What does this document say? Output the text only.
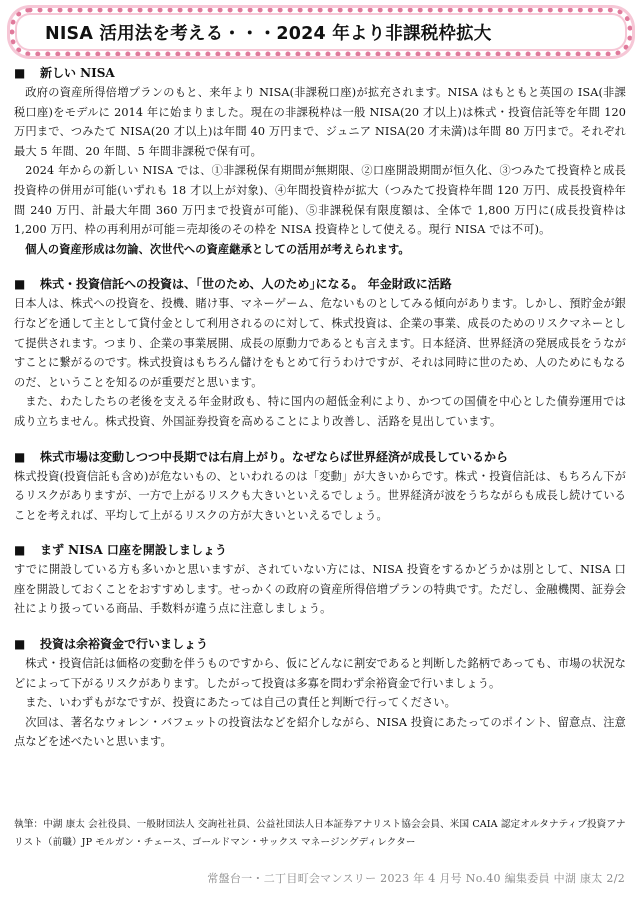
NISA 活用法を考える・・・2024 年より非課税枠拡大
■ 新しい NISA

政府の資産所得倍増プランのもと、来年より NISA(非課税口座)が拡充されます。NISA はもともと英国の ISA(非課税口座)をモデルに 2014 年に始まりました。現在の非課税枠は一般 NISA(20 才以上)は株式・投資信託等を年間 120 万円まで、つみたて NISA(20 才以上)は年間 40 万円まで、ジュニア NISA(20 才未満)は年間 80 万円まで。それぞれ最大 5 年間、20 年間、5 年間非課税で保有可。

2024 年からの新しい NISA では、①非課税保有期間が無期限、②口座開設期間が恒久化、③つみたて投資枠と成長投資枠の併用が可能(いずれも 18 才以上が対象)、④年間投資枠が拡大（つみたて投資枠年間 120 万円、成長投資枠年間 240 万円、計最大年間 360 万円まで投資が可能)、⑤非課税保有限度額は、全体で 1,800 万円に(成長投資枠は 1,200 万円、枠の再利用が可能＝売却後のその枠を NISA 投資枠として使える。現行 NISA では不可)。

個人の資産形成は勿論、次世代への資産継承としての活用が考えられます。

■ 株式・投資信託への投資は、｢世のため、人のため｣になる。 年金財政に活路

日本人は、株式への投資を、投機、賭け事、マネーゲーム、危ないものとしてみる傾向があります。しかし、預貯金が銀行などを通して主として貸付金として利用されるのに対して、株式投資は、企業の事業、成長のためのリスクマネーとして提供されます。つまり、企業の事業展開、成長の原動力であるとも言えます。日本経済、世界経済の発展成長をうながすことに繋がるのです。株式投資はもちろん儲けをもとめて行うわけですが、それは同時に世のため、人のためにもなるのだ、ということを知るのが重要だと思います。

また、わたしたちの老後を支える年金財政も、特に国内の超低金利により、かつての国債を中心とした債券運用では成り立ちません。株式投資、外国証券投資を高めることにより改善し、活路を見出しています。

■ 株式市場は変動しつつ中長期では右肩上がり。なぜならば世界経済が成長しているから

株式投資(投資信託も含め)が危ないもの、といわれるのは「変動」が大きいからです。株式・投資信託は、もちろん下がるリスクがありますが、一方で上がるリスクも大きいといえるでしょう。世界経済が波をうちながらも成長し続けていることを考えれば、平均して上がるリスクの方が大きいといえるでしょう。

■ まず NISA 口座を開設しましょう

すでに開設している方も多いかと思いますが、されていない方には、NISA 投資をするかどうかは別として、NISA 口座を開設しておくことをおすすめします。せっかくの政府の資産所得倍増プランの特典です。ただし、金融機関、証券会社により扱っている商品、手数料が違う点に注意しましょう。

■ 投資は余裕資金で行いましょう

株式・投資信託は価格の変動を伴うものですから、仮にどんなに割安であると判断した銘柄であっても、市場の状況などによって下がるリスクがあります。したがって投資は多寡を問わず余裕資金で行いましょう。

また、いわずもがなですが、投資にあたっては自己の責任と判断で行ってください。

次回は、著名なウォレン・バフェットの投資法などを紹介しながら、NISA 投資にあたってのポイント、留意点、注意点などを述べたいと思います。

執筆：中湖 康太 会社役員、一般財団法人 交詢社社員、公益社団法人日本証券アナリスト協会会員、米国 CAIA 認定オルタナティブ投資アナリスト（前職）JP モルガン・チェース、ゴールドマン・サックス マネージングディレクター
常盤台一・二丁目町会マンスリー 2023 年 4 月号 No.40 編集委員 中湖 康太 2/2
